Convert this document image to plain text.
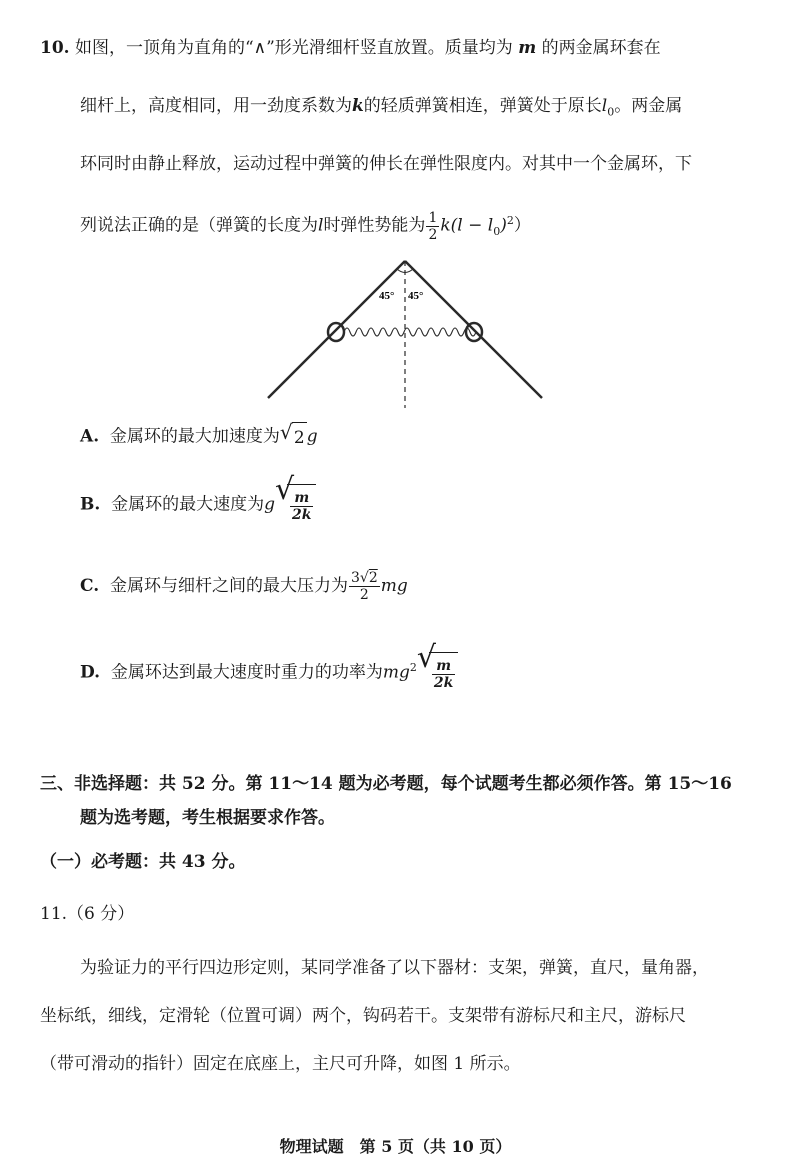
10. 如图，一顶角为直角的“∧”形光滑细杆竖直放置。质量均为 m 的两金属环套在
细杆上，高度相同，用一劲度系数为k的轻质弹簧相连，弹簧处于原长$l_0$。两金属
环同时由静止释放，运动过程中弹簧的伸长在弹性限度内。对其中一个金属环，下
列说法正确的是（弹簧的长度为l时弹性势能为 $\frac{1}{2} k(l - l_0)^2$）
45° 45°
A. 金属环的最大加速度为 √ 2 g
B. 金属环的最大速度为g √
$\frac{m}{2k}$
C. 金属环与细杆之间的最大压力为 $\frac{3√2}{2}$ mg
D. 金属环达到最大速度时重力的功率为$mg^2$ √
$\frac{m}{2k}$
三、非选择题：共 52 分。第 11～14 题为必考题，每个试题考生都必须作答。第 15～16
题为选考题，考生根据要求作答。
（一）必考题：共 43 分。
11.（6 分）
为验证力的平行四边形定则，某同学准备了以下器材：支架，弹簧，直尺，量角器，
坐标纸，细线，定滑轮（位置可调）两个，钩码若干。支架带有游标尺和主尺，游标尺
（带可滑动的指针）固定在底座上，主尺可升降，如图 1 所示。
物理试题　第 5 页（共 10 页）
